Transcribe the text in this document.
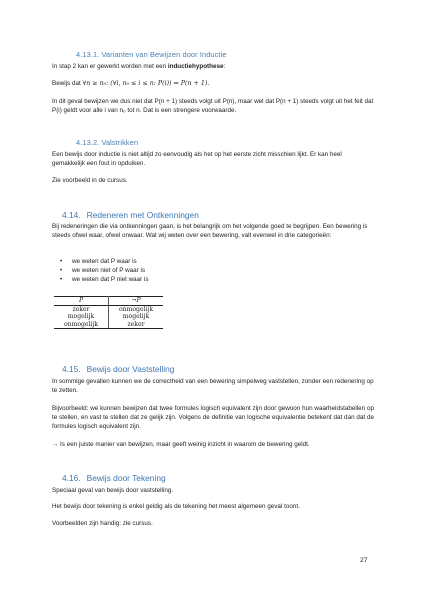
4.13.1. Varianten van Bewijzen door Inductie

In stap 2 kan er gewerkt worden met een inductiehypothese:

Bewijs dat ∀n ≥ n₀: (∀i, n₀ ≤ i ≤ n: P(i)) ⇒ P(n + 1).

In dit geval bewijzen we dus niet dat P(n + 1) steeds volgt uit P(n), maar wel dat P(n + 1) steeds volgt uit het feit dat P(i) geldt voor alle i van n₀ tot n. Dat is een strengere voorwaarde.

4.13.2. Valstrikken

Een bewijs door inductie is niet altijd zo eenvoudig als het op het eerste zicht misschien lijkt. Er kan heel gemakkelijk een fout in opduiken.

Zie voorbeeld in de cursus.

4.14. Redeneren met Ontkenningen

Bij redeneringen die via ontkenningen gaan, is het belangrijk om het volgende goed te begrijpen. Een bewering is steeds ofwel waar, ofwel onwaar. Wat wij weten over een bewering, valt evenwel in drie categorieën:

• we weten dat P waar is
• we weten niet of P waar is
• we weten dat P niet waar is
P	¬P
zeker	onmogelijk
mogelijk	mogelijk
onmogelijk	zeker
4.15. Bewijs door Vaststelling

In sommige gevallen kunnen we de correctheid van een bewering simpelweg vaststellen, zonder een redenering op te zetten.

Bijvoorbeeld: we kunnen bewijzen dat twee formules logisch equivalent zijn door gewoon hun waarheidstabellen op te stellen, en vast te stellen dat ze gelijk zijn. Volgens de definitie van logische equivalentie betekent dat dan dat de formules logisch equivalent zijn.

→ Is een juiste manier van bewijzen, maar geeft weinig inzicht in waarom de bewering geldt.

4.16. Bewijs door Tekening

Speciaal geval van bewijs door vaststelling.

Het bewijs door tekening is enkel geldig als de tekening het meest algemeen geval toont.

Voorbeelden zijn handig: zie cursus.

27
